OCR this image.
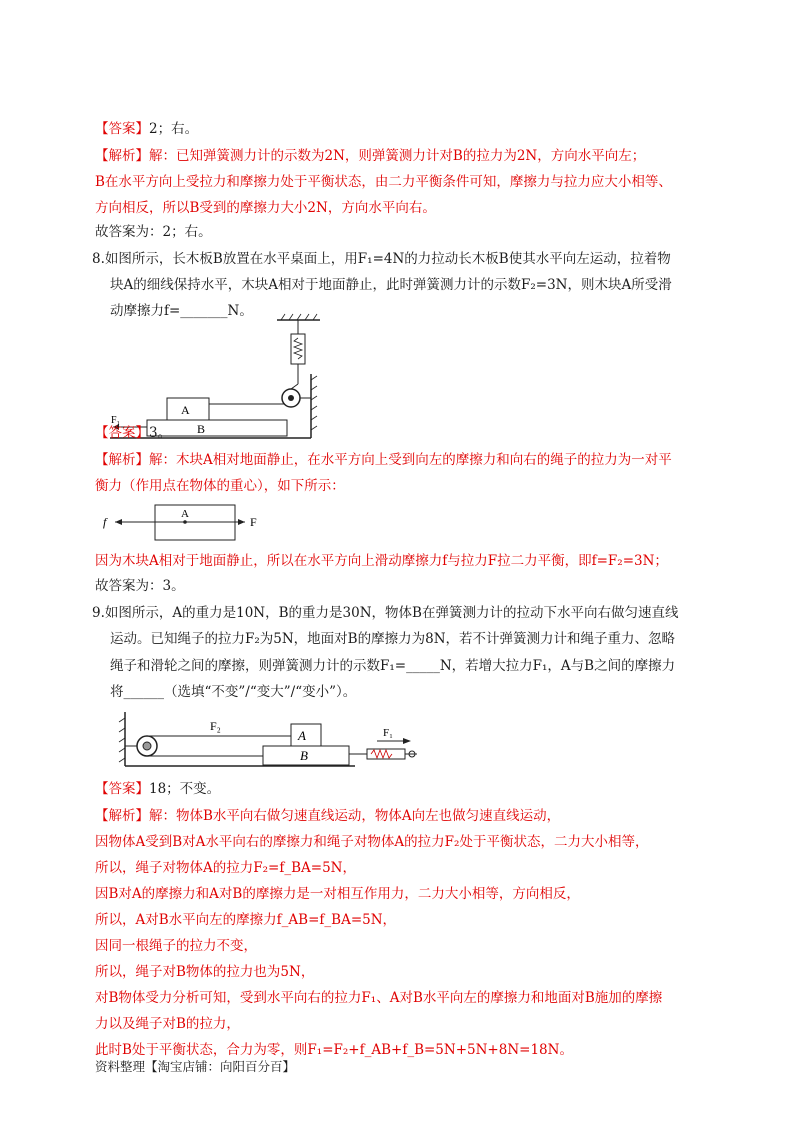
【答案】2；右。
【解析】解：已知弹簧测力计的示数为2N，则弹簧测力计对B的拉力为2N，方向水平向左；
B在水平方向上受拉力和摩擦力处于平衡状态，由二力平衡条件可知，摩擦力与拉力应大小相等、
方向相反，所以B受到的摩擦力大小2N，方向水平向右。
故答案为：2；右。
8.如图所示，长木板B放置在水平桌面上，用F₁=4N的力拉动长木板B使其水平向左运动，拉着物
块A的细线保持水平，木块A相对于地面静止，此时弹簧测力计的示数F₂=3N，则木块A所受滑
动摩擦力f=_______N。
A
B
F₁
【答案】3。
【解析】解：木块A相对地面静止，在水平方向上受到向左的摩擦力和向右的绳子的拉力为一对平
衡力（作用点在物体的重心），如下所示：
A
f	F
因为木块A相对于地面静止，所以在水平方向上滑动摩擦力f与拉力F拉二力平衡，即f=F₂=3N；
故答案为：3。
9.如图所示，A的重力是10N，B的重力是30N，物体B在弹簧测力计的拉动下水平向右做匀速直线
运动。已知绳子的拉力F₂为5N，地面对B的摩擦力为8N，若不计弹簧测力计和绳子重力、忽略
绳子和滑轮之间的摩擦，则弹簧测力计的示数F₁=_____N，若增大拉力F₁，A与B之间的摩擦力
将______（选填“不变”/“变大”/“变小”）。
A
B
F₂	F₁
【答案】18；不变。
【解析】解：物体B水平向右做匀速直线运动，物体A向左也做匀速直线运动，
因物体A受到B对A水平向右的摩擦力和绳子对物体A的拉力F₂处于平衡状态，二力大小相等，
所以，绳子对物体A的拉力F₂=f_BA=5N，
因B对A的摩擦力和A对B的摩擦力是一对相互作用力，二力大小相等，方向相反，
所以，A对B水平向左的摩擦力f_AB=f_BA=5N，
因同一根绳子的拉力不变，
所以，绳子对B物体的拉力也为5N，
对B物体受力分析可知，受到水平向右的拉力F₁、A对B水平向左的摩擦力和地面对B施加的摩擦
力以及绳子对B的拉力，
此时B处于平衡状态，合力为零，则F₁=F₂+f_AB+f_B=5N+5N+8N=18N。
资料整理【淘宝店铺：向阳百分百】
